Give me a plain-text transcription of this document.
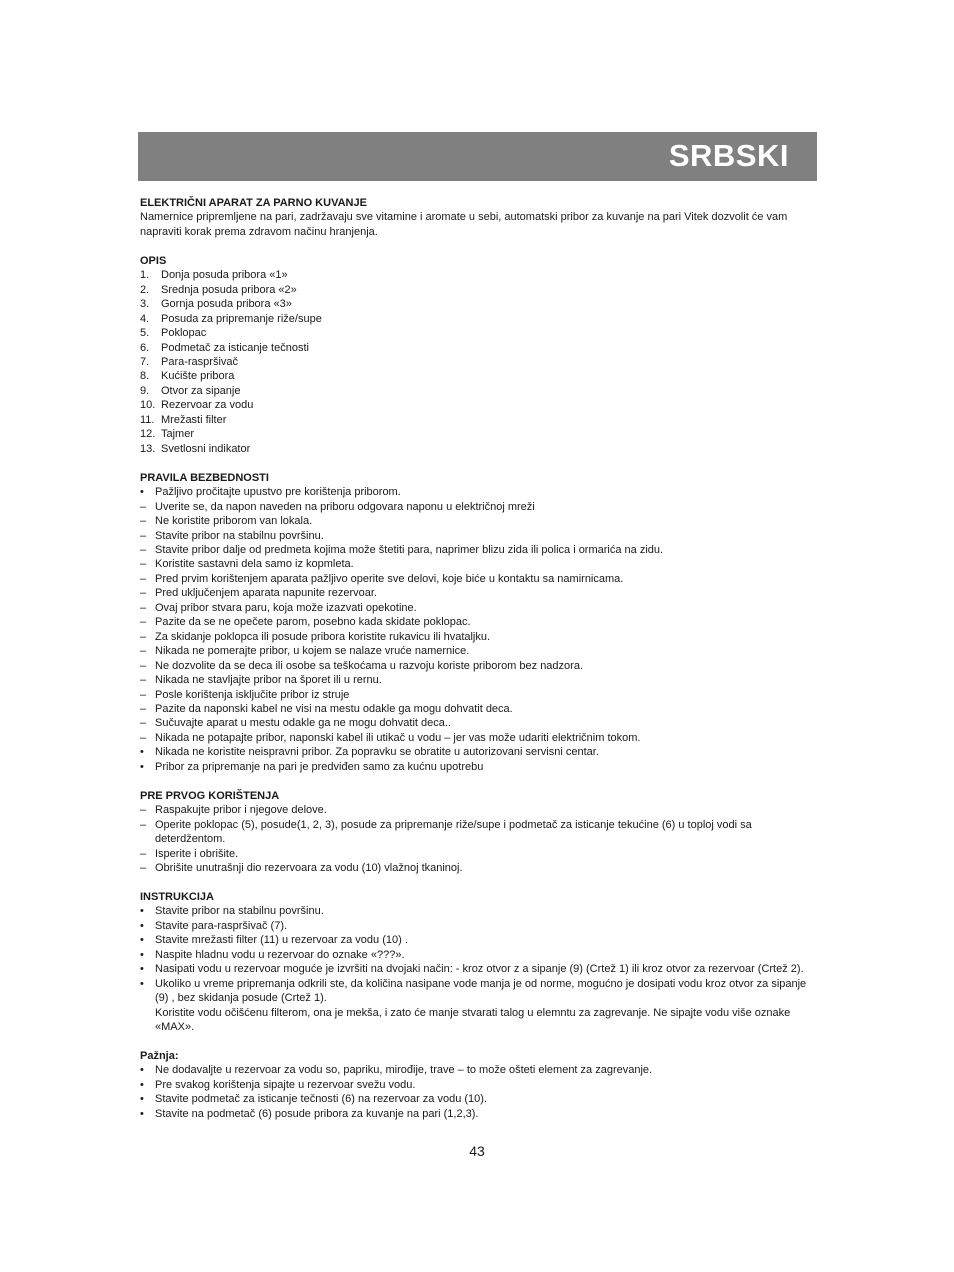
SRBSKI

ELEKTRIČNI APARAT ZA PARNO KUVANJE

Namernice pripremljene na pari, zadržavaju sve vitamine i aromate u sebi, automatski pribor za kuvanje na pari Vitek dozvolit će vam napraviti korak prema zdravom načinu hranjenja.

OPIS

1. Donja posuda pribora «1»
2. Srednja posuda pribora «2»
3. Gornja posuda pribora «3»
4. Posuda za pripremanje riže/supe
5. Poklopac
6. Podmetač za isticanje tečnosti
7. Para-raspršivač
8. Kućište pribora
9. Otvor za sipanje
10. Rezervoar za vodu
11. Mrežasti filter
12. Tajmer
13. Svetlosni indikator

PRAVILA BEZBEDNOSTI

• Pažljivo pročitajte upustvo pre korištenja priborom.
– Uverite se, da napon naveden na priboru odgovara naponu u električnoj mreži
– Ne koristite priborom van lokala.
– Stavite pribor na stabilnu površinu.
– Stavite pribor dalje od predmeta kojima može štetiti para, naprimer blizu zida ili polica i ormarića na zidu.
– Koristite sastavni dela samo iz kopmleta.
– Pred prvim korištenjem aparata pažljivo operite sve delovi, koje biće u kontaktu sa namirnicama.
– Pred uključenjem aparata napunite rezervoar.
– Ovaj pribor stvara paru, koja može izazvati opekotine.
– Pazite da se ne opečete parom, posebno kada skidate poklopac.
– Za skidanje poklopca ili posude pribora koristite rukavicu ili hvataljku.
– Nikada ne pomerajte pribor, u kojem se nalaze vruće namernice.
– Ne dozvolite da se deca ili osobe sa teškoćama u razvoju koriste priborom bez nadzora.
– Nikada ne stavljajte pribor na šporet ili u rernu.
– Posle korištenja isključite pribor iz struje
– Pazite da naponski kabel ne visi na mestu odakle ga mogu dohvatit deca.
– Sučuvajte aparat u mestu odakle ga ne mogu dohvatit deca..
– Nikada ne potapajte pribor, naponski kabel ili utikač u vodu – jer vas može udariti električnim tokom.
• Nikada ne koristite neispravni pribor. Za popravku se obratite u autorizovani servisni centar.
• Pribor za pripremanje na pari je predviđen samo za kućnu upotrebu

PRE PRVOG KORIŠTENJA

– Raspakujte pribor i njegove delove.
– Operite poklopac (5), posude(1, 2, 3), posude za pripremanje riže/supe i podmetač za isticanje tekućine (6) u toploj vodi sa deterdžentom.
– Isperite i obrišite.
– Obrišite unutrašnji dio rezervoara za vodu (10) vlažnoj tkaninoj.

INSTRUKCIJA

• Stavite pribor na stabilnu površinu.
• Stavite para-raspršivač (7).
• Stavite mrežasti filter (11) u rezervoar za vodu (10) .
• Naspite hladnu vodu u rezervoar do oznake «???».
• Nasipati vodu u rezervoar moguće je izvršiti na dvojaki način: - kroz otvor z a sipanje (9) (Crtež 1) ili kroz otvor za rezervoar (Crtež 2).
• Ukoliko u vreme pripremanja odkrili ste, da količina nasipane vode manja je od norme, mogućno je dosipati vodu kroz otvor za sipanje (9) , bez skidanja posude (Crtež 1).
Koristite vodu očišćenu filterom, ona je mekša, i zato će manje stvarati talog u elemntu za zagrevanje. Ne sipajte vodu više oznake «MAX».

Pažnja:

• Ne dodavaljte u rezervoar za vodu so, papriku, mirođije, trave – to može ošteti element za zagrevanje.
• Pre svakog korištenja sipajte u rezervoar svežu vodu.
• Stavite podmetač za isticanje tečnosti (6) na rezervoar za vodu (10).
• Stavite na podmetač (6) posude pribora za kuvanje na pari (1,2,3).
43
